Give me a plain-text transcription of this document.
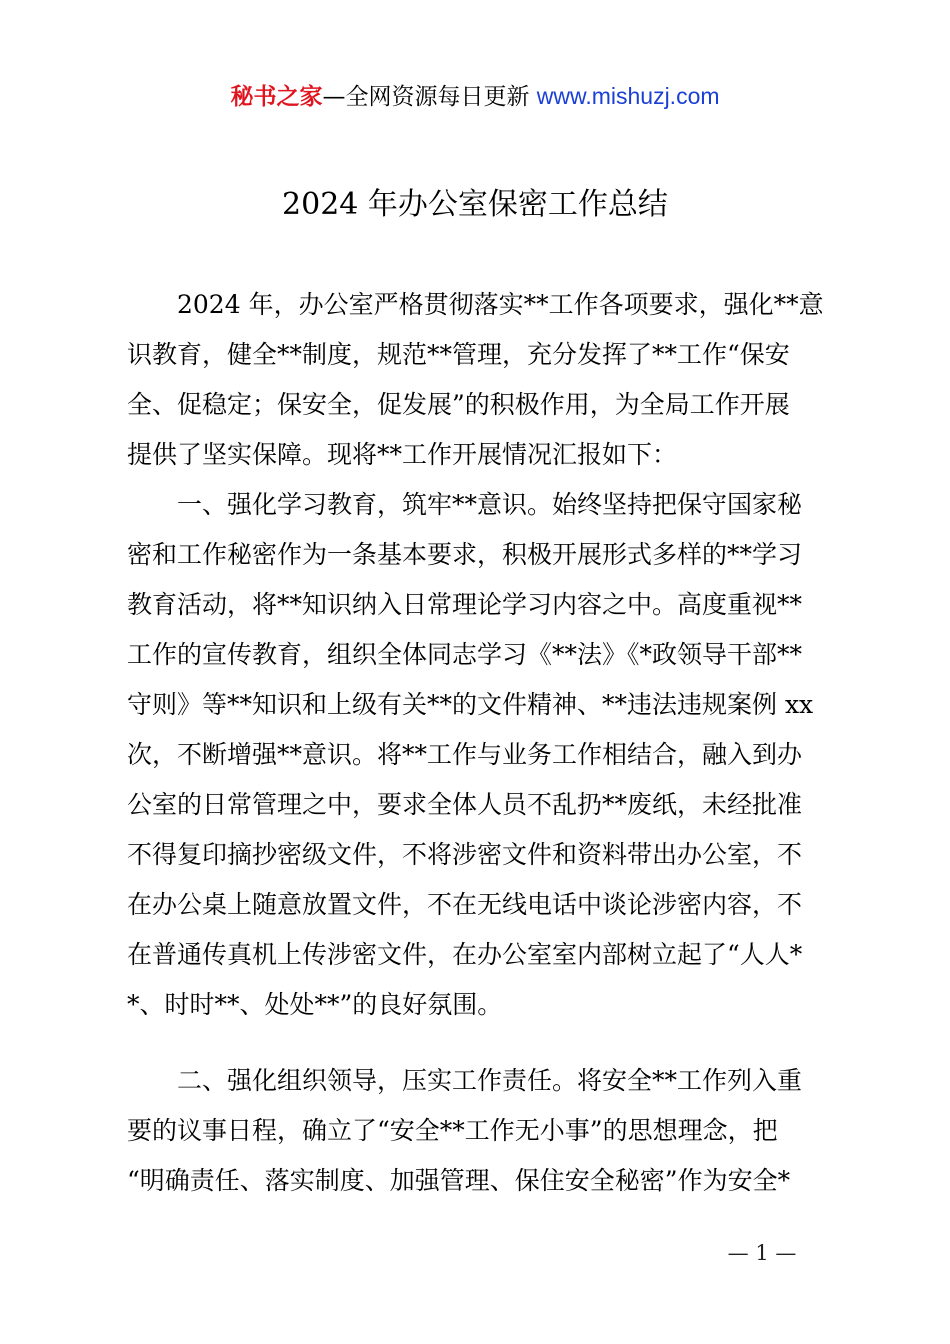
秘书之家—全网资源每日更新 www.mishuzj.com
2024 年办公室保密工作总结
2024 年，办公室严格贯彻落实**工作各项要求，强化**意
识教育，健全**制度，规范**管理，充分发挥了**工作“保安
全、促稳定；保安全，促发展”的积极作用，为全局工作开展
提供了坚实保障。现将**工作开展情况汇报如下：
一、强化学习教育，筑牢**意识。始终坚持把保守国家秘
密和工作秘密作为一条基本要求，积极开展形式多样的**学习
教育活动，将**知识纳入日常理论学习内容之中。高度重视**
工作的宣传教育，组织全体同志学习《**法》《*政领导干部**
守则》等**知识和上级有关**的文件精神、**违法违规案例 xx
次，不断增强**意识。将**工作与业务工作相结合，融入到办
公室的日常管理之中，要求全体人员不乱扔**废纸，未经批准
不得复印摘抄密级文件，不将涉密文件和资料带出办公室，不
在办公桌上随意放置文件，不在无线电话中谈论涉密内容，不
在普通传真机上传涉密文件，在办公室室内部树立起了“人人*
*、时时**、处处**”的良好氛围。
二、强化组织领导，压实工作责任。将安全**工作列入重
要的议事日程，确立了“安全**工作无小事”的思想理念，把
“明确责任、落实制度、加强管理、保住安全秘密”作为安全*
— 1 —
